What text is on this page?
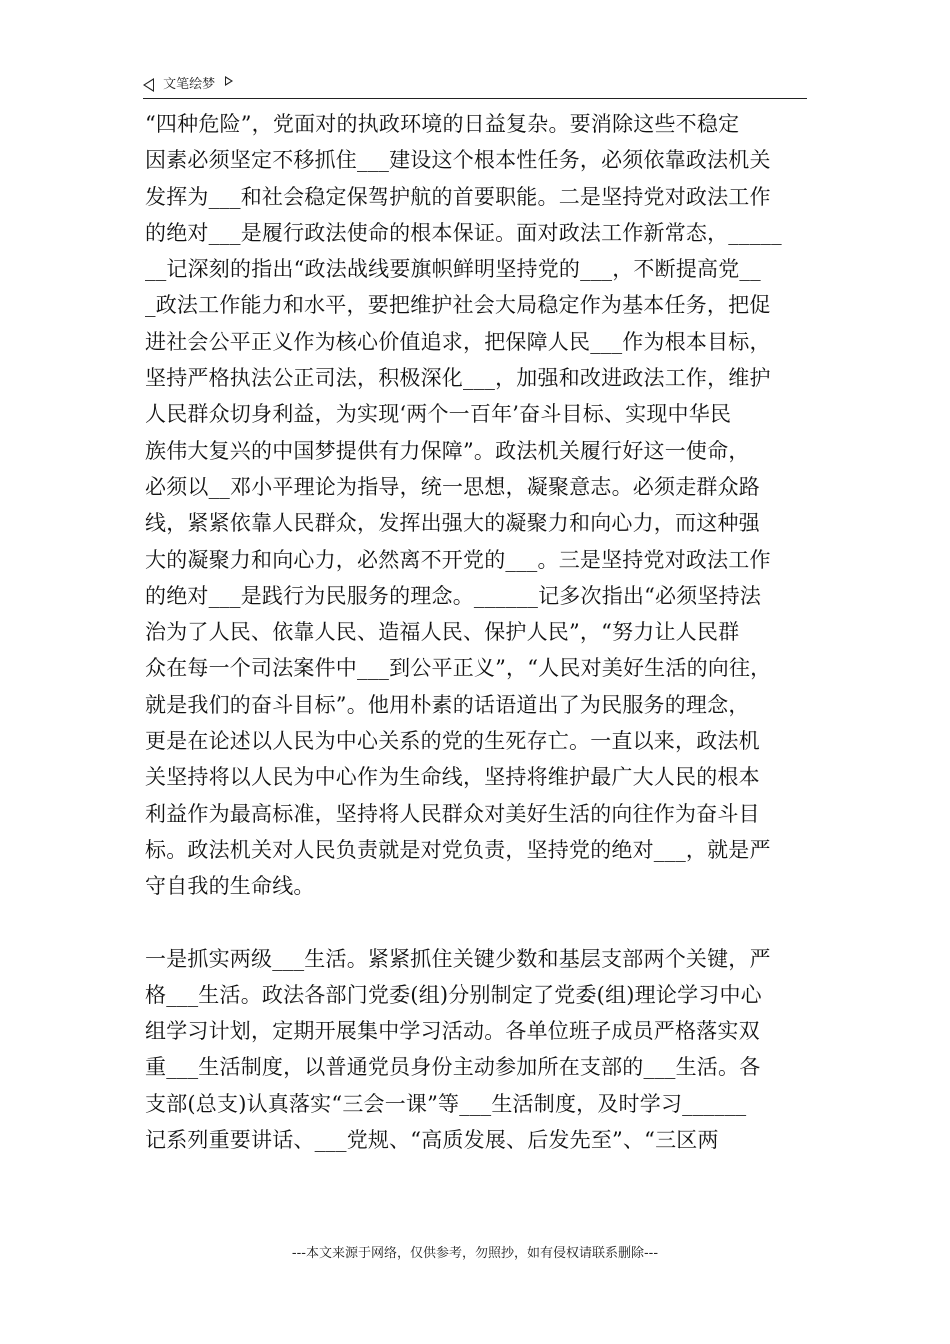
文笔绘梦
“四种危险”，党面对的执政环境的日益复杂。要消除这些不稳定
因素必须坚定不移抓住___建设这个根本性任务，必须依靠政法机关
发挥为___和社会稳定保驾护航的首要职能。二是坚持党对政法工作
的绝对___是履行政法使命的根本保证。面对政法工作新常态，_____
__记深刻的指出“政法战线要旗帜鲜明坚持党的___，不断提高党__
_政法工作能力和水平，要把维护社会大局稳定作为基本任务，把促
进社会公平正义作为核心价值追求，把保障人民___作为根本目标，
坚持严格执法公正司法，积极深化___，加强和改进政法工作，维护
人民群众切身利益，为实现‘两个一百年’奋斗目标、实现中华民
族伟大复兴的中国梦提供有力保障”。政法机关履行好这一使命，
必须以__邓小平理论为指导，统一思想，凝聚意志。必须走群众路
线，紧紧依靠人民群众，发挥出强大的凝聚力和向心力，而这种强
大的凝聚力和向心力，必然离不开党的___。三是坚持党对政法工作
的绝对___是践行为民服务的理念。______记多次指出“必须坚持法
治为了人民、依靠人民、造福人民、保护人民”，“努力让人民群
众在每一个司法案件中___到公平正义”，“人民对美好生活的向往，
就是我们的奋斗目标”。他用朴素的话语道出了为民服务的理念，
更是在论述以人民为中心关系的党的生死存亡。一直以来，政法机
关坚持将以人民为中心作为生命线，坚持将维护最广大人民的根本
利益作为最高标准，坚持将人民群众对美好生活的向往作为奋斗目
标。政法机关对人民负责就是对党负责，坚持党的绝对___，就是严
守自我的生命线。
一是抓实两级___生活。紧紧抓住关键少数和基层支部两个关键，严
格___生活。政法各部门党委(组)分别制定了党委(组)理论学习中心
组学习计划，定期开展集中学习活动。各单位班子成员严格落实双
重___生活制度，以普通党员身份主动参加所在支部的___生活。各
支部(总支)认真落实“三会一课”等___生活制度，及时学习______
记系列重要讲话、___党规、“高质发展、后发先至”、“三区两
---本文来源于网络，仅供参考，勿照抄，如有侵权请联系删除---
